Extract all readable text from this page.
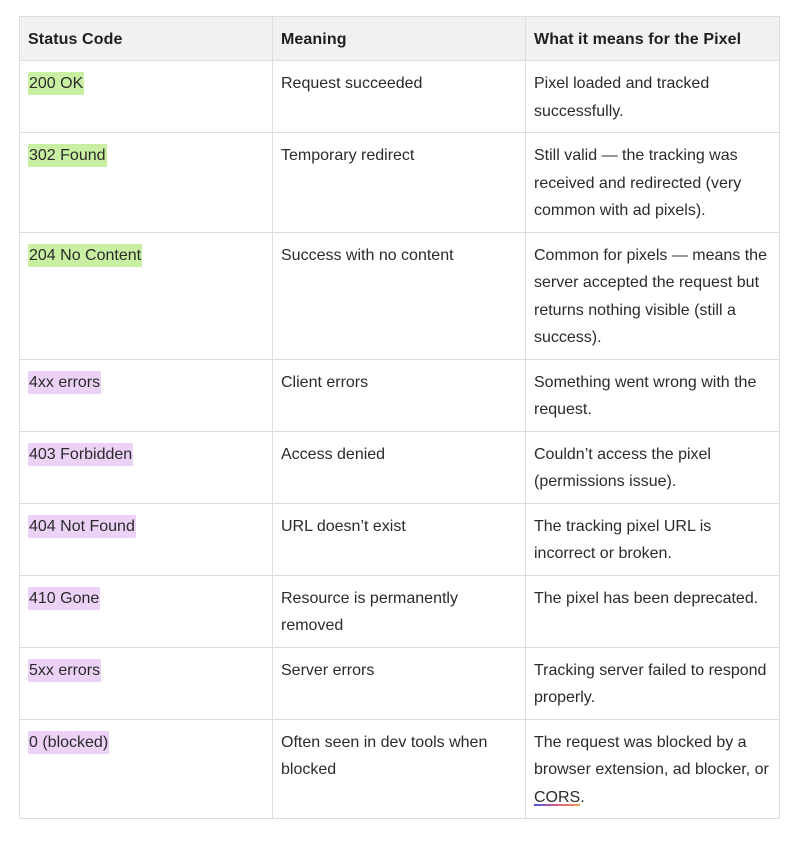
Status Code	Meaning	What it means for the Pixel
200 OK	Request succeeded	Pixel loaded and tracked successfully.
302 Found	Temporary redirect	Still valid — the tracking was received and redirected (very common with ad pixels).
204 No Content	Success with no content	Common for pixels — means the server accepted the request but returns nothing visible (still a success).
4xx errors	Client errors	Something went wrong with the request.
403 Forbidden	Access denied	Couldn’t access the pixel (permissions issue).
404 Not Found	URL doesn’t exist	The tracking pixel URL is incorrect or broken.
410 Gone	Resource is permanently removed	The pixel has been deprecated.
5xx errors	Server errors	Tracking server failed to respond properly.
0 (blocked)	Often seen in dev tools when blocked	The request was blocked by a browser extension, ad blocker, or CORS.
